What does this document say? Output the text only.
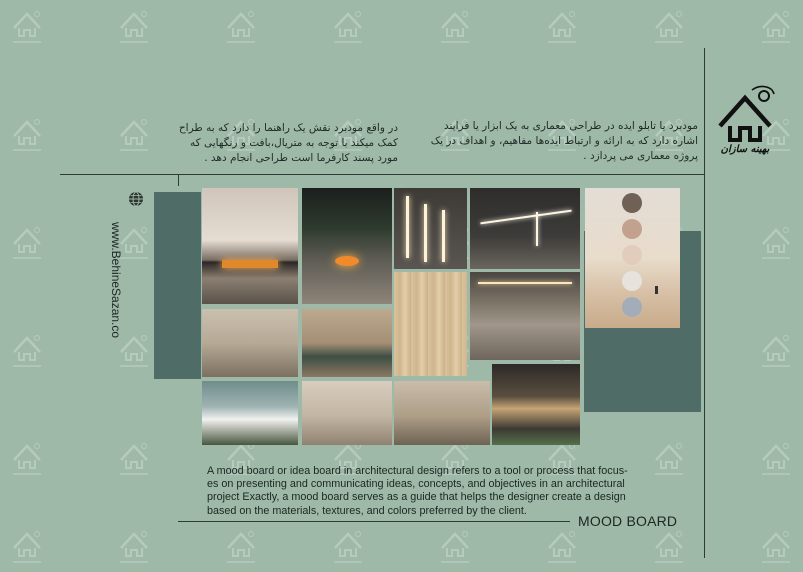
بهینه سازان
مودبرد یا تابلو ایده در طراحی معماری به یک ابزار یا فرایند اشاره دارد که به ارائه و ارتباط ایده‌ها مفاهیم، و اهداف در یک پروژه معماری می پردازد .
در واقع مودبرد نقش یک راهنما را دارد که به طراح کمک میکند با توجه به متریال،بافت و رنگهایی که مورد پسند کارفرما است طراحی انجام دهد .
www.BehineSazan.co
A mood board or idea board in architectural design refers to a tool or process that focus-
es on presenting and communicating ideas, concepts, and objectives in an architectural
project Exactly, a mood board serves as a guide that helps the designer create a design
based on the materials, textures, and colors preferred by the client.
MOOD BOARD
